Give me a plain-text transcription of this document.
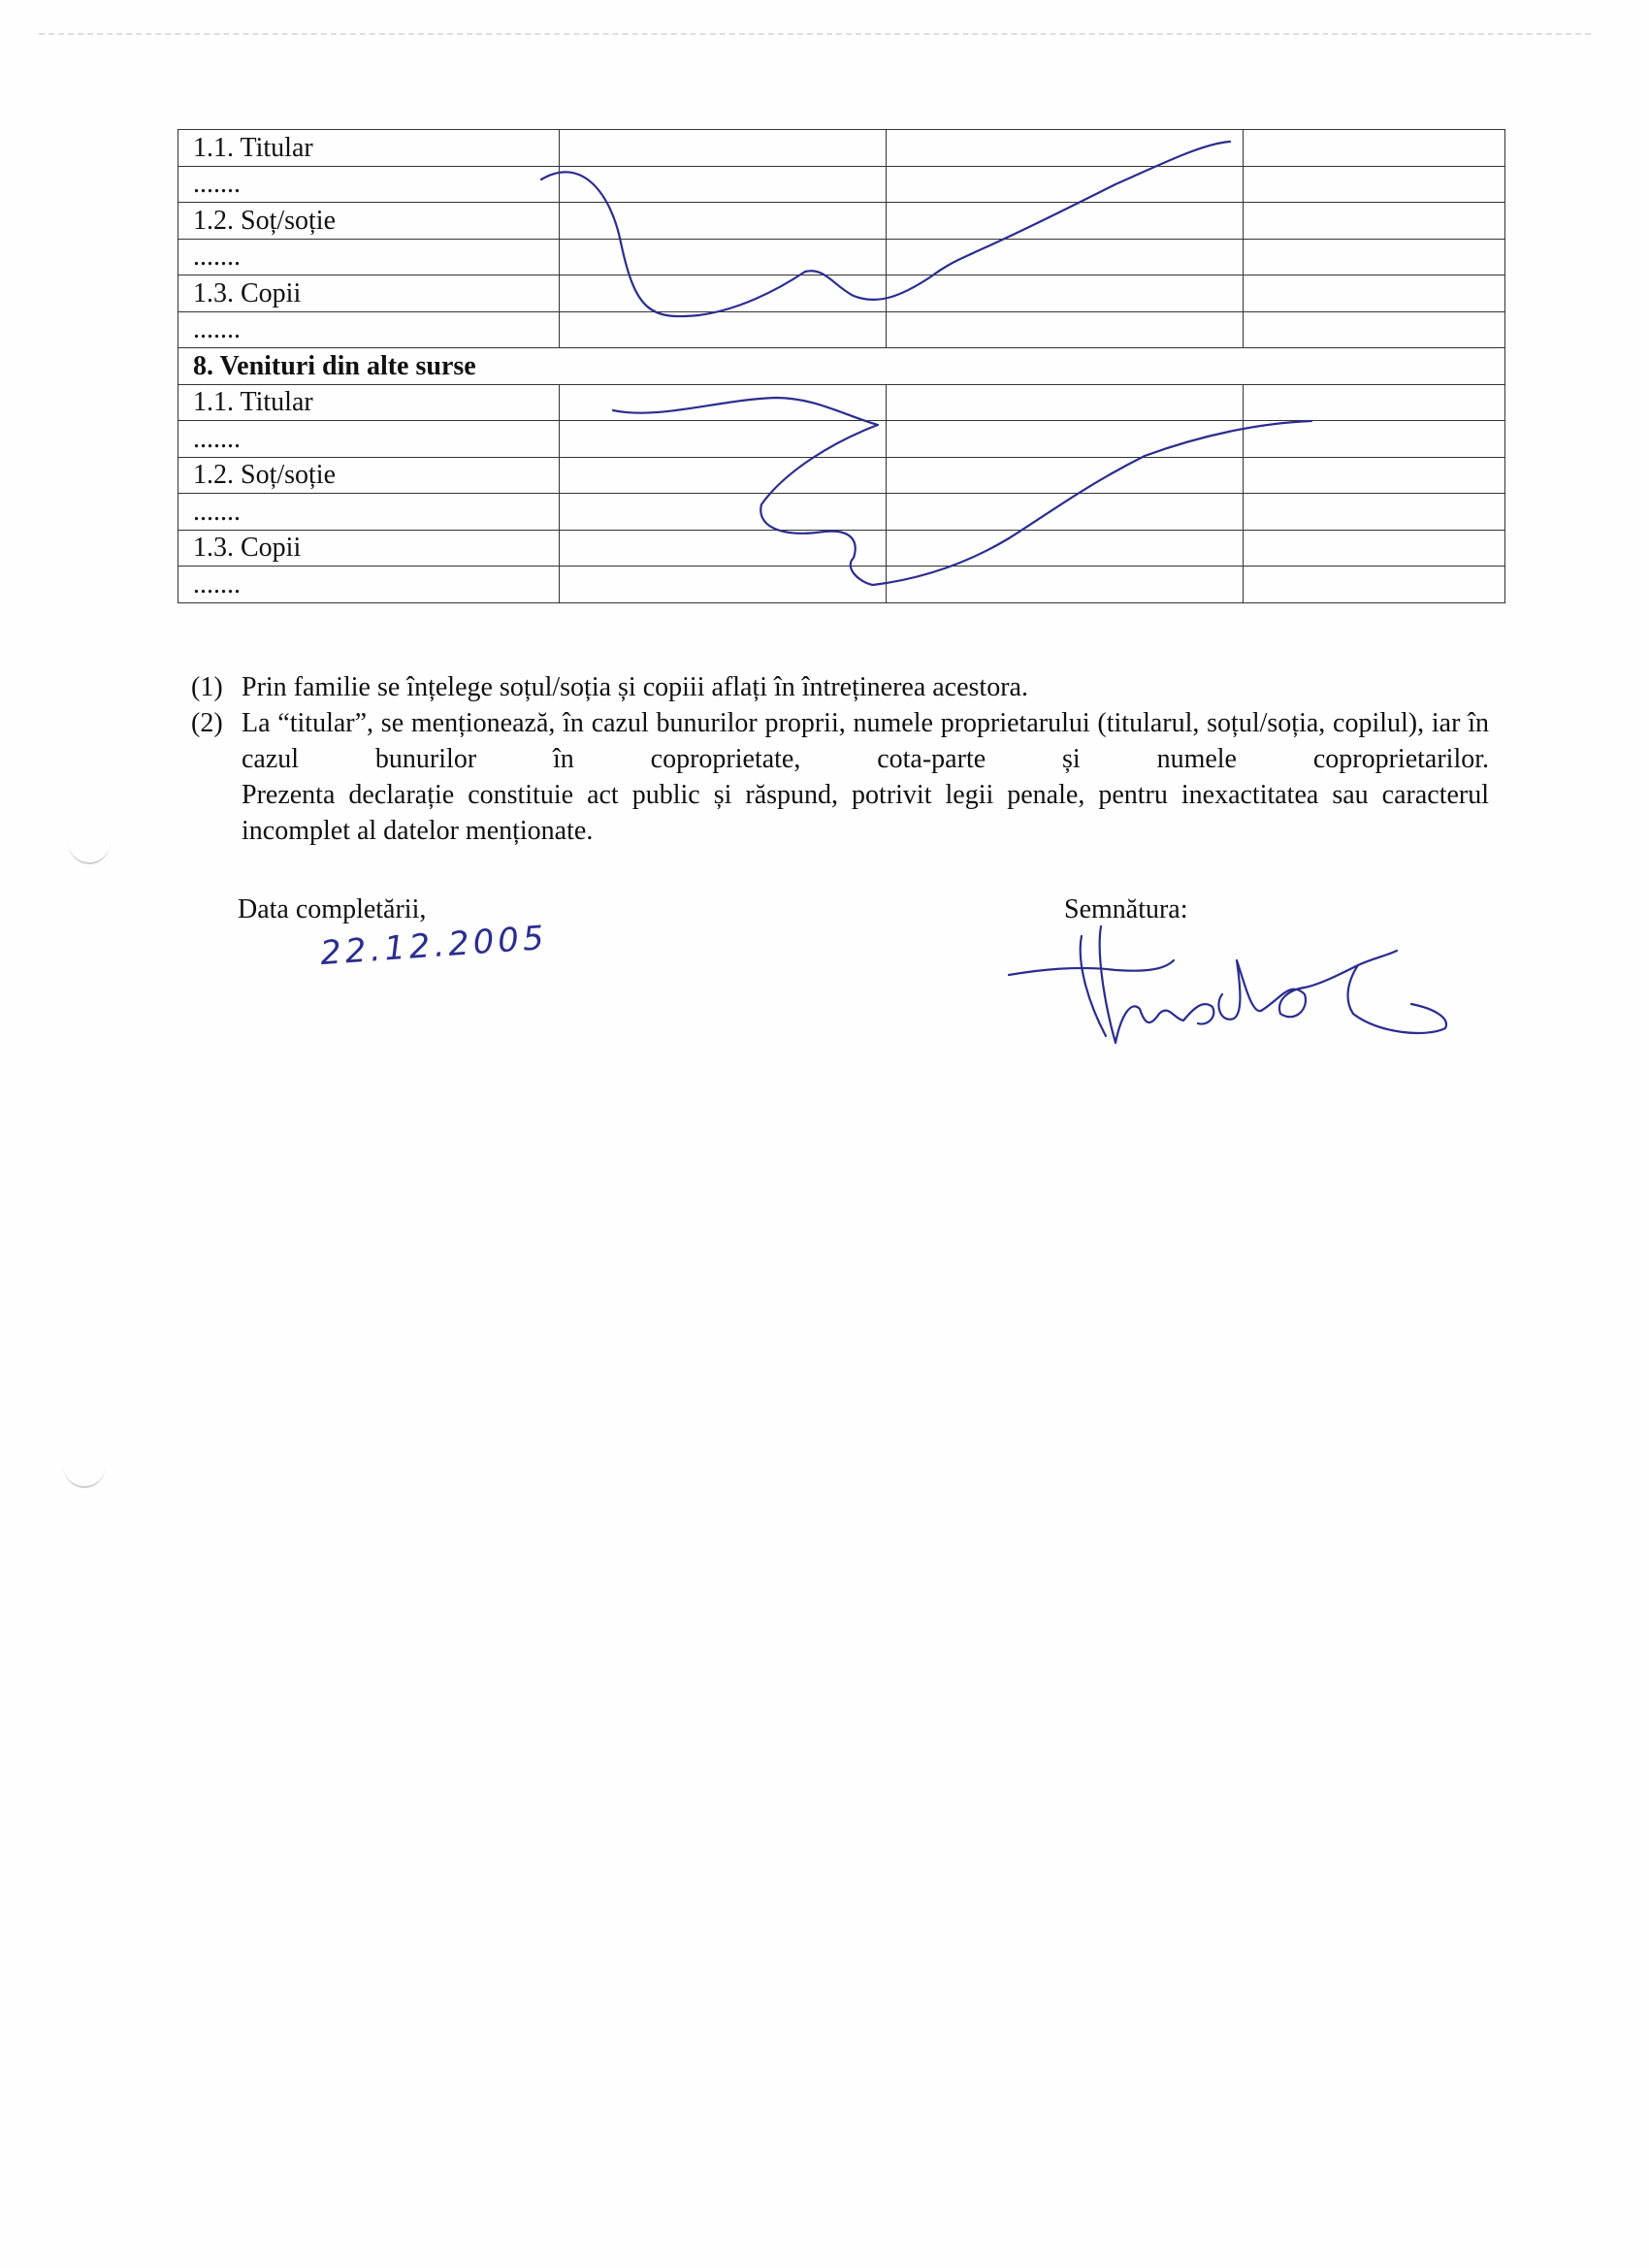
1.1. Titular			
.......			
1.2. Soț/soție			
.......			
1.3. Copii			
.......			
8. Venituri din alte surse			
1.1. Titular			
.......			
1.2. Soț/soție			
.......			
1.3. Copii			
.......			
(1) Prin familie se înțelege soțul/soția și copiii aflați în întreținerea acestora.
(2) La “titular”, se menționează, în cazul bunurilor proprii, numele proprietarului (titularul, soțul/soția, copilul), iar în cazul bunurilor în coproprietate, cota-parte și numele coproprietarilor.
Prezenta declarație constituie act public și răspund, potrivit legii penale, pentru inexactitatea sau caracterul incomplet al datelor menționate.
Data completării,
22.12.2005
Semnătura:
